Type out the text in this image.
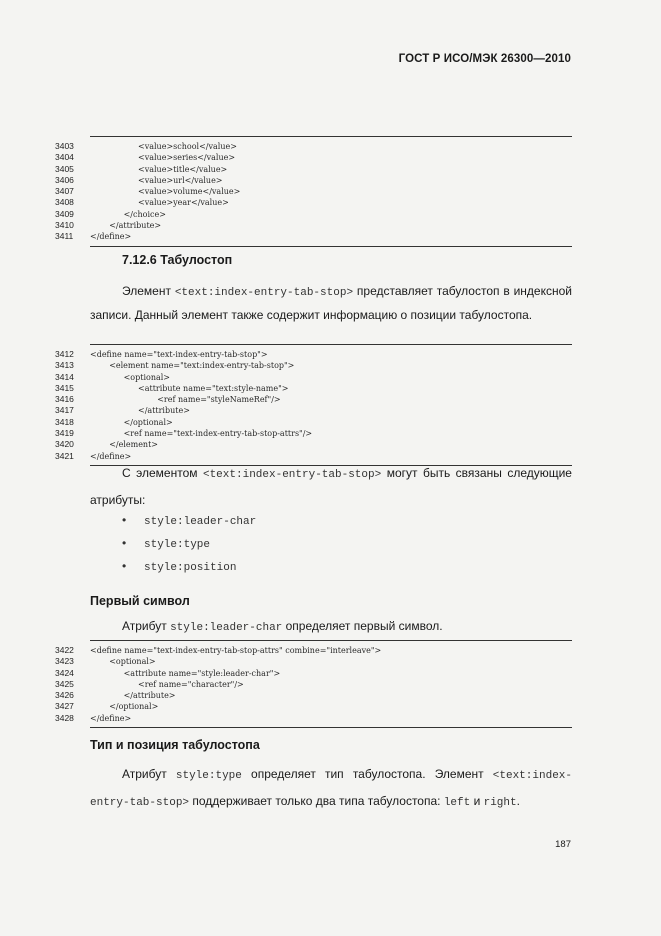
ГОСТ Р ИСО/МЭК 26300—2010
3403	<value>school</value>
3404	<value>series</value>
3405	<value>title</value>
3406	<value>url</value>
3407	<value>volume</value>
3408	<value>year</value>
3409	</choice>
3410	</attribute>
3411	</define>
7.12.6 Табулостоп
Элемент <text:index-entry-tab-stop> представляет табулостоп в индексной записи. Данный элемент также содержит информацию о позиции табулостопа.
3412	<define name="text-index-entry-tab-stop">
3413	<element name="text:index-entry-tab-stop">
3414	<optional>
3415	<attribute name="text:style-name">
3416	<ref name="styleNameRef"/>
3417	</attribute>
3418	</optional>
3419	<ref name="text-index-entry-tab-stop-attrs"/>
3420	</element>
3421	</define>
С элементом <text:index-entry-tab-stop> могут быть связаны следующие атрибуты:
• style:leader-char
• style:type
• style:position
Первый символ
Атрибут style:leader-char определяет первый символ.
3422	<define name="text-index-entry-tab-stop-attrs" combine="interleave">
3423	<optional>
3424	<attribute name="style:leader-char">
3425	<ref name="character"/>
3426	</attribute>
3427	</optional>
3428	</define>
Тип и позиция табулостопа
Атрибут style:type определяет тип табулостопа. Элемент <text:index-entry-tab-stop> поддерживает только два типа табулостопа: left и right.
187
